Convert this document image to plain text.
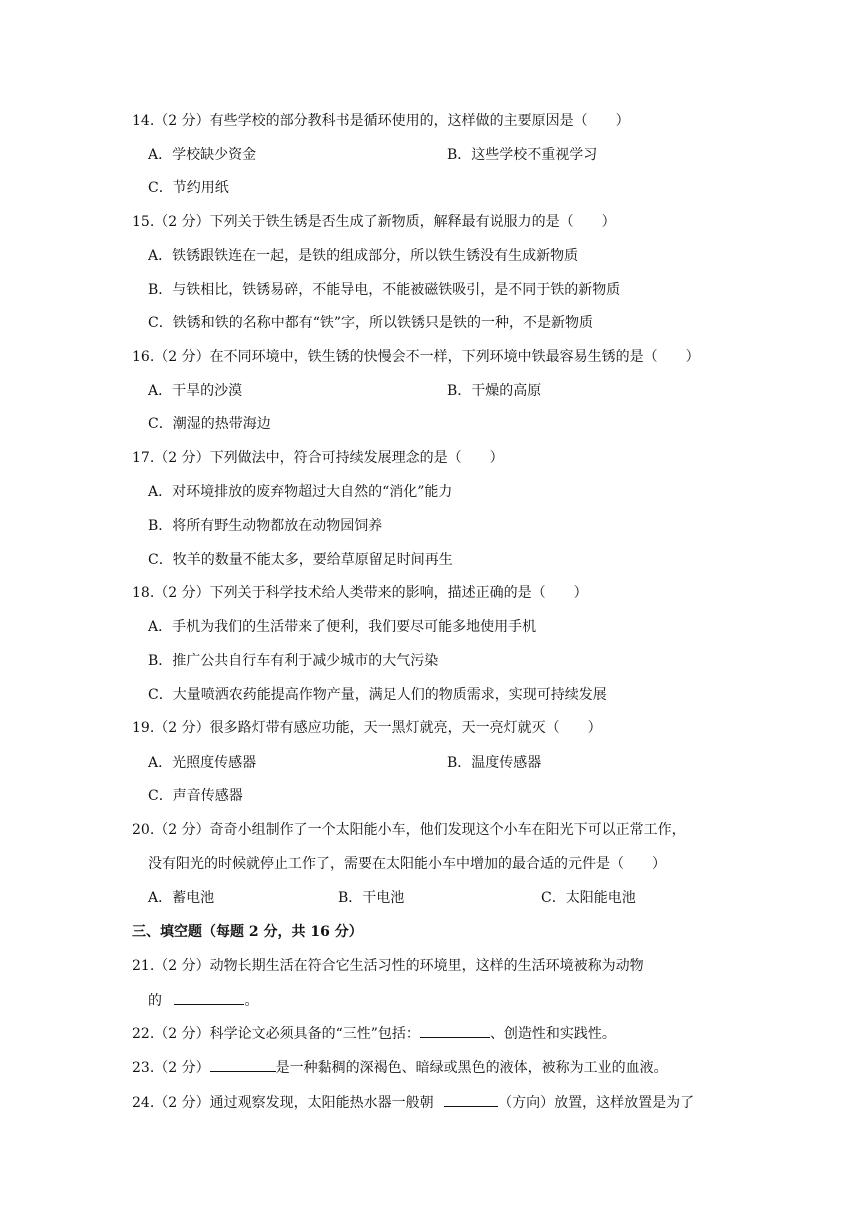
14.（2 分）有些学校的部分教科书是循环使用的，这样做的主要原因是（　　）
A．学校缺少资金	B．这些学校不重视学习
C．节约用纸
15.（2 分）下列关于铁生锈是否生成了新物质，解释最有说服力的是（　　）
A．铁锈跟铁连在一起，是铁的组成部分，所以铁生锈没有生成新物质
B．与铁相比，铁锈易碎，不能导电，不能被磁铁吸引，是不同于铁的新物质
C．铁锈和铁的名称中都有“铁”字，所以铁锈只是铁的一种，不是新物质
16.（2 分）在不同环境中，铁生锈的快慢会不一样，下列环境中铁最容易生锈的是（　　）
A．干旱的沙漠	B．干燥的高原
C．潮湿的热带海边
17.（2 分）下列做法中，符合可持续发展理念的是（　　）
A．对环境排放的废弃物超过大自然的“消化”能力
B．将所有野生动物都放在动物园饲养
C．牧羊的数量不能太多，要给草原留足时间再生
18.（2 分）下列关于科学技术给人类带来的影响，描述正确的是（　　）
A．手机为我们的生活带来了便利，我们要尽可能多地使用手机
B．推广公共自行车有利于减少城市的大气污染
C．大量喷洒农药能提高作物产量，满足人们的物质需求，实现可持续发展
19.（2 分）很多路灯带有感应功能，天一黑灯就亮，天一亮灯就灭（　　）
A．光照度传感器	B．温度传感器
C．声音传感器
20.（2 分）奇奇小组制作了一个太阳能小车，他们发现这个小车在阳光下可以正常工作，
没有阳光的时候就停止工作了，需要在太阳能小车中增加的最合适的元件是（　　）
A．蓄电池	B．干电池	C．太阳能电池
三、填空题（每题 2 分，共 16 分）
21.（2 分）动物长期生活在符合它生活习性的环境里，这样的生活环境被称为动物
的	。
22.（2 分）科学论文必须具备的“三性”包括：	、创造性和实践性。
23.（2 分）	是一种黏稠的深褐色、暗绿或黑色的液体，被称为工业的血液。
24.（2 分）通过观察发现，太阳能热水器一般朝	（方向）放置，这样放置是为了
